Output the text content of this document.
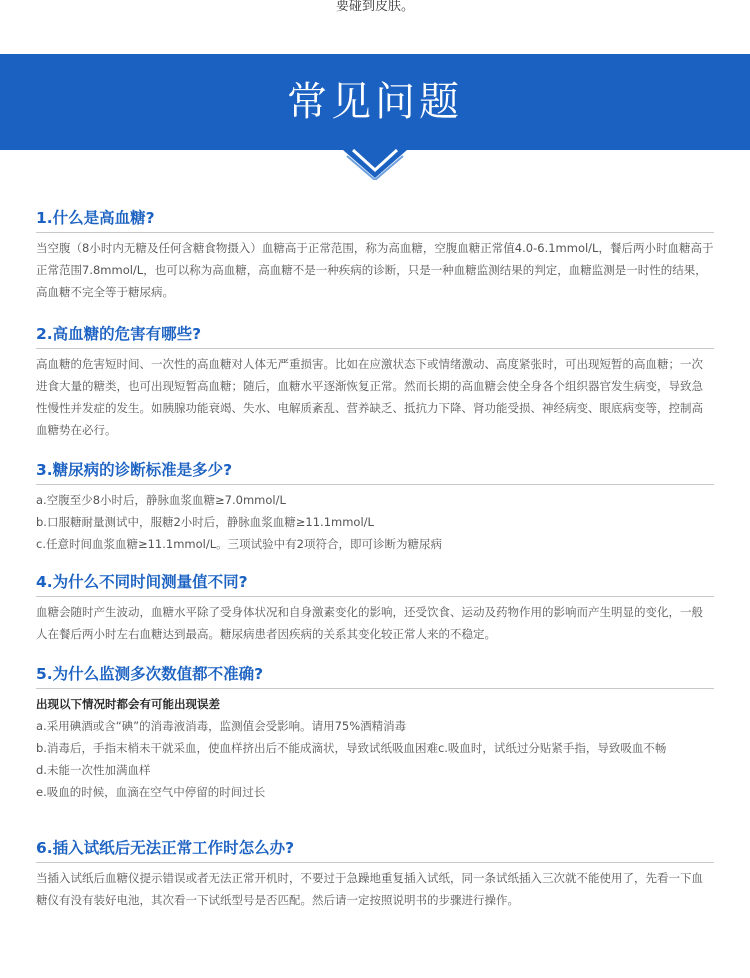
要碰到皮肤。
常见问题
1.什么是高血糖?

当空腹（8小时内无糖及任何含糖食物摄入）血糖高于正常范围，称为高血糖，空腹血糖正常值4.0-6.1mmol/L，餐后两小时血糖高于正常范围7.8mmol/L，也可以称为高血糖，高血糖不是一种疾病的诊断，只是一种血糖监测结果的判定，血糖监测是一时性的结果，高血糖不完全等于糖尿病。

2.高血糖的危害有哪些?

高血糖的危害短时间、一次性的高血糖对人体无严重损害。比如在应激状态下或情绪激动、高度紧张时，可出现短暂的高血糖；一次进食大量的糖类，也可出现短暂高血糖；随后，血糖水平逐渐恢复正常。然而长期的高血糖会使全身各个组织器官发生病变，导致急性慢性并发症的发生。如胰腺功能衰竭、失水、电解质紊乱、营养缺乏、抵抗力下降、肾功能受损、神经病变、眼底病变等，控制高血糖势在必行。

3.糖尿病的诊断标准是多少?

a.空腹至少8小时后，静脉血浆血糖≥7.0mmol/L

b.口服糖耐量测试中，服糖2小时后，静脉血浆血糖≥11.1mmol/L

c.任意时间血浆血糖≥11.1mmol/L。三项试验中有2项符合，即可诊断为糖尿病

4.为什么不同时间测量值不同?

血糖会随时产生波动，血糖水平除了受身体状况和自身激素变化的影响，还受饮食、运动及药物作用的影响而产生明显的变化，一般人在餐后两小时左右血糖达到最高。糖尿病患者因疾病的关系其变化较正常人来的不稳定。

5.为什么监测多次数值都不准确?

出现以下情况时都会有可能出现误差

a.采用碘酒或含“碘”的消毒液消毒，监测值会受影响。请用75%酒精消毒

b.消毒后，手指末梢未干就采血，使血样挤出后不能成滴状，导致试纸吸血困难c.吸血时，试纸过分贴紧手指，导致吸血不畅

d.未能一次性加满血样

e.吸血的时候，血滴在空气中停留的时间过长

6.插入试纸后无法正常工作时怎么办?

当插入试纸后血糖仪提示错误或者无法正常开机时，不要过于急躁地重复插入试纸，同一条试纸插入三次就不能使用了，先看一下血糖仪有没有装好电池，其次看一下试纸型号是否匹配。然后请一定按照说明书的步骤进行操作。
